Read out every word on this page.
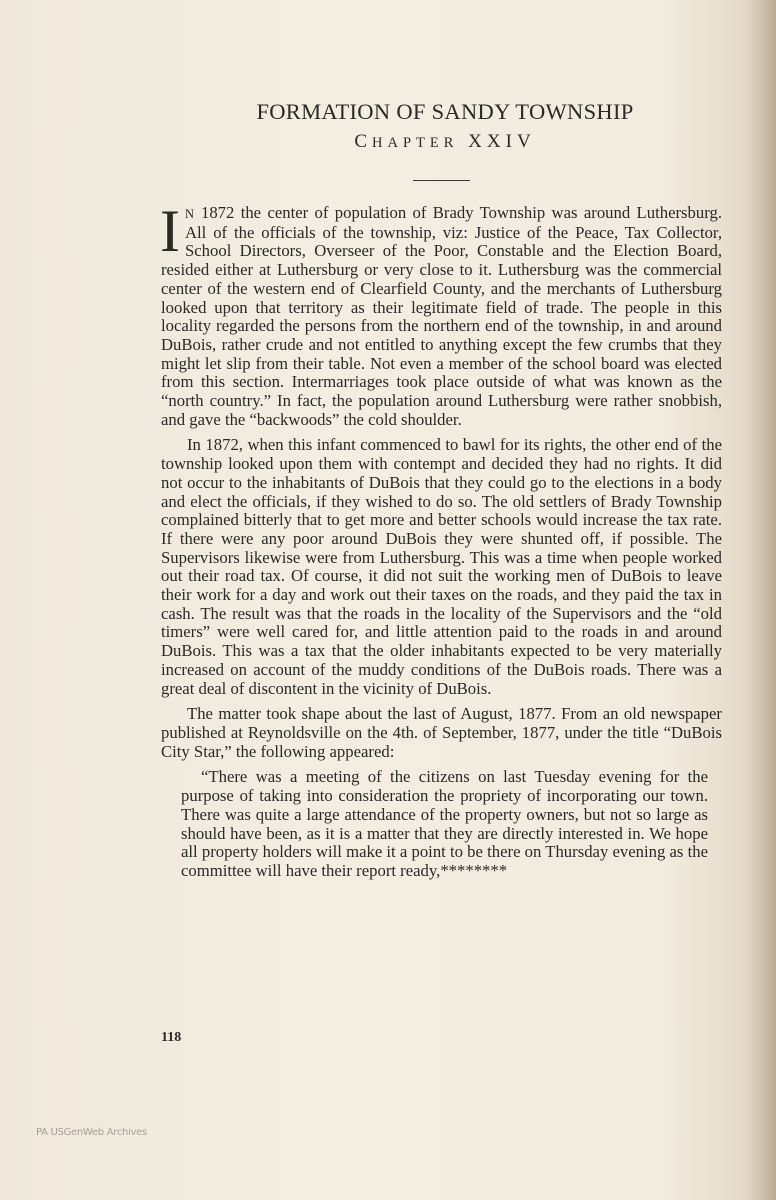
FORMATION OF SANDY TOWNSHIP
CHAPTER XXIV

I N 1872 the center of population of Brady Township was around Luthersburg. All of the officials of the township, viz: Justice of the Peace, Tax Collector, School Directors, Overseer of the Poor, Constable and the Election Board, resided either at Luthersburg or very close to it. Luthersburg was the commercial center of the western end of Clearfield County, and the merchants of Luthersburg looked upon that territory as their legitimate field of trade. The people in this locality regarded the persons from the northern end of the township, in and around DuBois, rather crude and not entitled to anything except the few crumbs that they might let slip from their table. Not even a member of the school board was elected from this section. Intermarriages took place outside of what was known as the “north country.” In fact, the population around Luthersburg were rather snobbish, and gave the “backwoods” the cold shoulder.

In 1872, when this infant commenced to bawl for its rights, the other end of the township looked upon them with contempt and decided they had no rights. It did not occur to the inhabitants of DuBois that they could go to the elections in a body and elect the officials, if they wished to do so. The old settlers of Brady Township complained bitterly that to get more and better schools would increase the tax rate. If there were any poor around DuBois they were shunted off, if possible. The Supervisors likewise were from Luthersburg. This was a time when people worked out their road tax. Of course, it did not suit the working men of DuBois to leave their work for a day and work out their taxes on the roads, and they paid the tax in cash. The result was that the roads in the locality of the Supervisors and the “old timers” were well cared for, and little attention paid to the roads in and around DuBois. This was a tax that the older inhabitants expected to be very materially increased on account of the muddy conditions of the DuBois roads. There was a great deal of discontent in the vicinity of DuBois.

The matter took shape about the last of August, 1877. From an old newspaper published at Reynoldsville on the 4th. of September, 1877, under the title “DuBois City Star,” the following appeared:

“There was a meeting of the citizens on last Tuesday evening for the purpose of taking into consideration the propriety of incorporating our town. There was quite a large attendance of the property owners, but not so large as should have been, as it is a matter that they are directly interested in. We hope all property holders will make it a point to be there on Thursday evening as the committee will have their report ready,********

118
PA USGenWeb Archives
